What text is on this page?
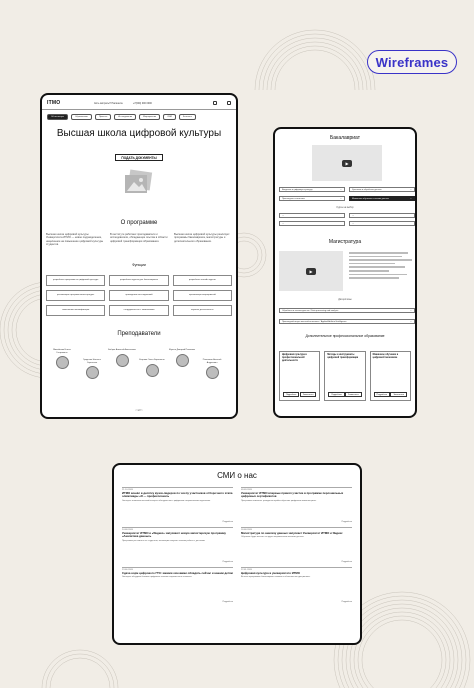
Wireframes
ITMO	Есть вопросы? Напишите	+7(000) 000 0000
Об институте	Образование	Проекты	Исследования	Мероприятия	СМИ	Контакты
Высшая школа цифровой культуры
ПОДАТЬ ДОКУМЕНТЫ
О программе
Высшая школа цифровой культуры Университета ИТМО — новое подразделение, нацеленное на повышение цифровой культуры студентов.
В институте работают преподаватели и исследователи, обладающие опытом в области цифровой трансформации образования.
Высшая школа цифровой культуры реализует программы бакалавриата, магистратуры и дополнительного образования.
Функции
разработка программ по цифровой культуре	разработка курсов для бакалавриата	разработка онлайн курсов
реализация программ магистратуры	проведение исследований	организация мероприятий
повышение квалификации	сотрудничество с компаниями	научная деятельность
Преподаватели
Михайлова Елена Георгиевна
Гриднева Наталья Сергеевна
Бобцов Алексей Алексеевич
Егорова Ольга Борисовна
Шульга Дмитрий Павлович
Плешаков Алексей Андреевич
< 1/2 >
Бакалавриат
▶
Введение в цифровую культуру	⌄	Хранение и обработка данных	⌄
Прикладная статистика	⌄	Машинное обучение и анализ данных	⌄
Курсы на выбор
⌄	⌄
⌄	⌄
Магистратура
▶
Дисциплины
Обработка и анализ данных / Data processing and analysis	⌄
Прикладной искусственный интеллект / Applied Artificial Intelligence	⌄
Дополнительное профессиональное образование
Цифровая культура в профессиональной деятельности
Подробнее	Записаться
Методы и инструменты цифровой трансформации
Подробнее	Записаться
Машинное обучение в цифровой экономике
Подробнее	Записаться
СМИ о нас
21.10.2020
ИТМО вошёл в десятку вузов-лидеров по числу участников отборочного этапа олимпиады «Я — профессионал»
Эксперты отметили высокий интерес абитуриентов к цифровым направлениям подготовки.
Подробнее
09.09.2020
Университет ИТМО впервые принял участие в программе персональных цифровых сертификатов
Программа позволяет гражданам пройти обучение цифровым компетенциям.
Подробнее
24.08.2020
Университет ИТМО и «Яндекс» запускают новую магистерскую программу «Аналитика данных»
Программа рассчитана на студентов, желающих получить навыки работы с данными.
Подробнее
18.08.2020
Магистратура по анализу данных запускает Университет ИТМО и Яндекс
Обучение будет вестись по двум направлениям анализа данных.
Подробнее
23.06.2020
Сдача норм цифрового ГТО: какими основами обладать сейчас и нашим детям
Эксперты обсудили базовые цифровые навыки современного человека.
Подробнее
22.01.2020
Цифровая культура в университете ИТМО
Во всех программах бакалавриата появится обязательная дисциплина.
Подробнее
